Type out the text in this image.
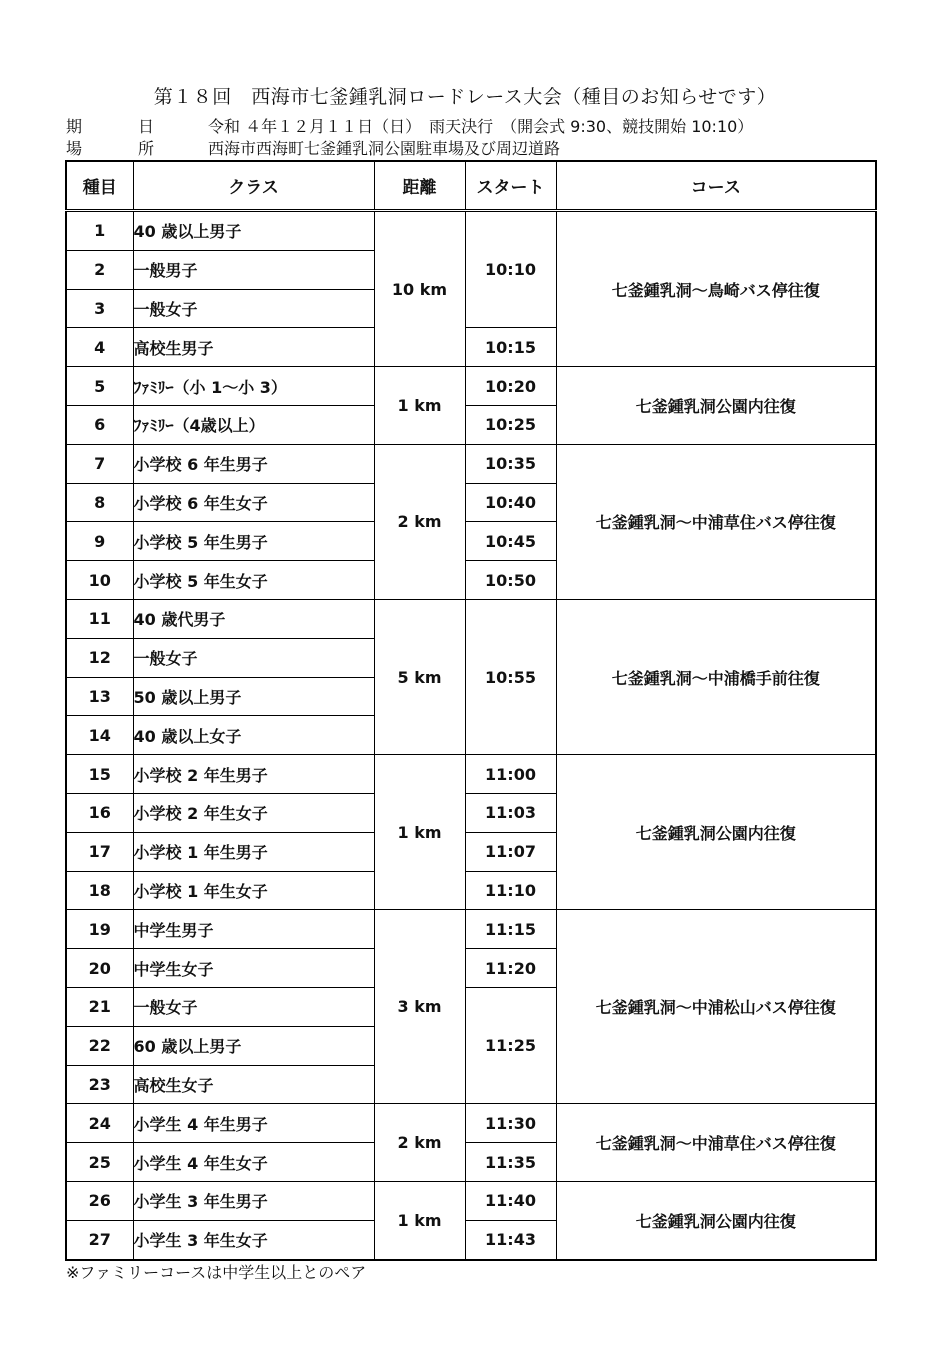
第１８回　西海市七釜鍾乳洞ロードレース大会（種目のお知らせです）
期	日	令和 ４年１２月１１日（日）　雨天決行　（開会式 9:30、競技開始 10:10）
場	所	西海市西海町七釜鍾乳洞公園駐車場及び周辺道路
種目	クラス	距離	スタート	コース
1	40 歳以上男子	10 km	10:10	七釜鍾乳洞～鳥崎バス停往復
2	一般男子			
3	一般女子			
4	高校生男子		10:15	
5	ﾌｧﾐﾘｰ（小 1～小 3）	1 km	10:20	七釜鍾乳洞公園内往復
6	ﾌｧﾐﾘｰ（4歳以上）		10:25	
7	小学校 6 年生男子	2 km	10:35	七釜鍾乳洞～中浦草住バス停往復
8	小学校 6 年生女子		10:40	
9	小学校 5 年生男子		10:45	
10	小学校 5 年生女子		10:50	
11	40 歳代男子	5 km	10:55	七釜鍾乳洞～中浦橋手前往復
12	一般女子			
13	50 歳以上男子			
14	40 歳以上女子			
15	小学校 2 年生男子	1 km	11:00	七釜鍾乳洞公園内往復
16	小学校 2 年生女子		11:03	
17	小学校 1 年生男子		11:07	
18	小学校 1 年生女子		11:10	
19	中学生男子	3 km	11:15	七釜鍾乳洞～中浦松山バス停往復
20	中学生女子		11:20	
21	一般女子		11:25	
22	60 歳以上男子			
23	高校生女子			
24	小学生 4 年生男子	2 km	11:30	七釜鍾乳洞～中浦草住バス停往復
25	小学生 4 年生女子		11:35	
26	小学生 3 年生男子	1 km	11:40	七釜鍾乳洞公園内往復
27	小学生 3 年生女子		11:43	
※ファミリーコースは中学生以上とのペア
